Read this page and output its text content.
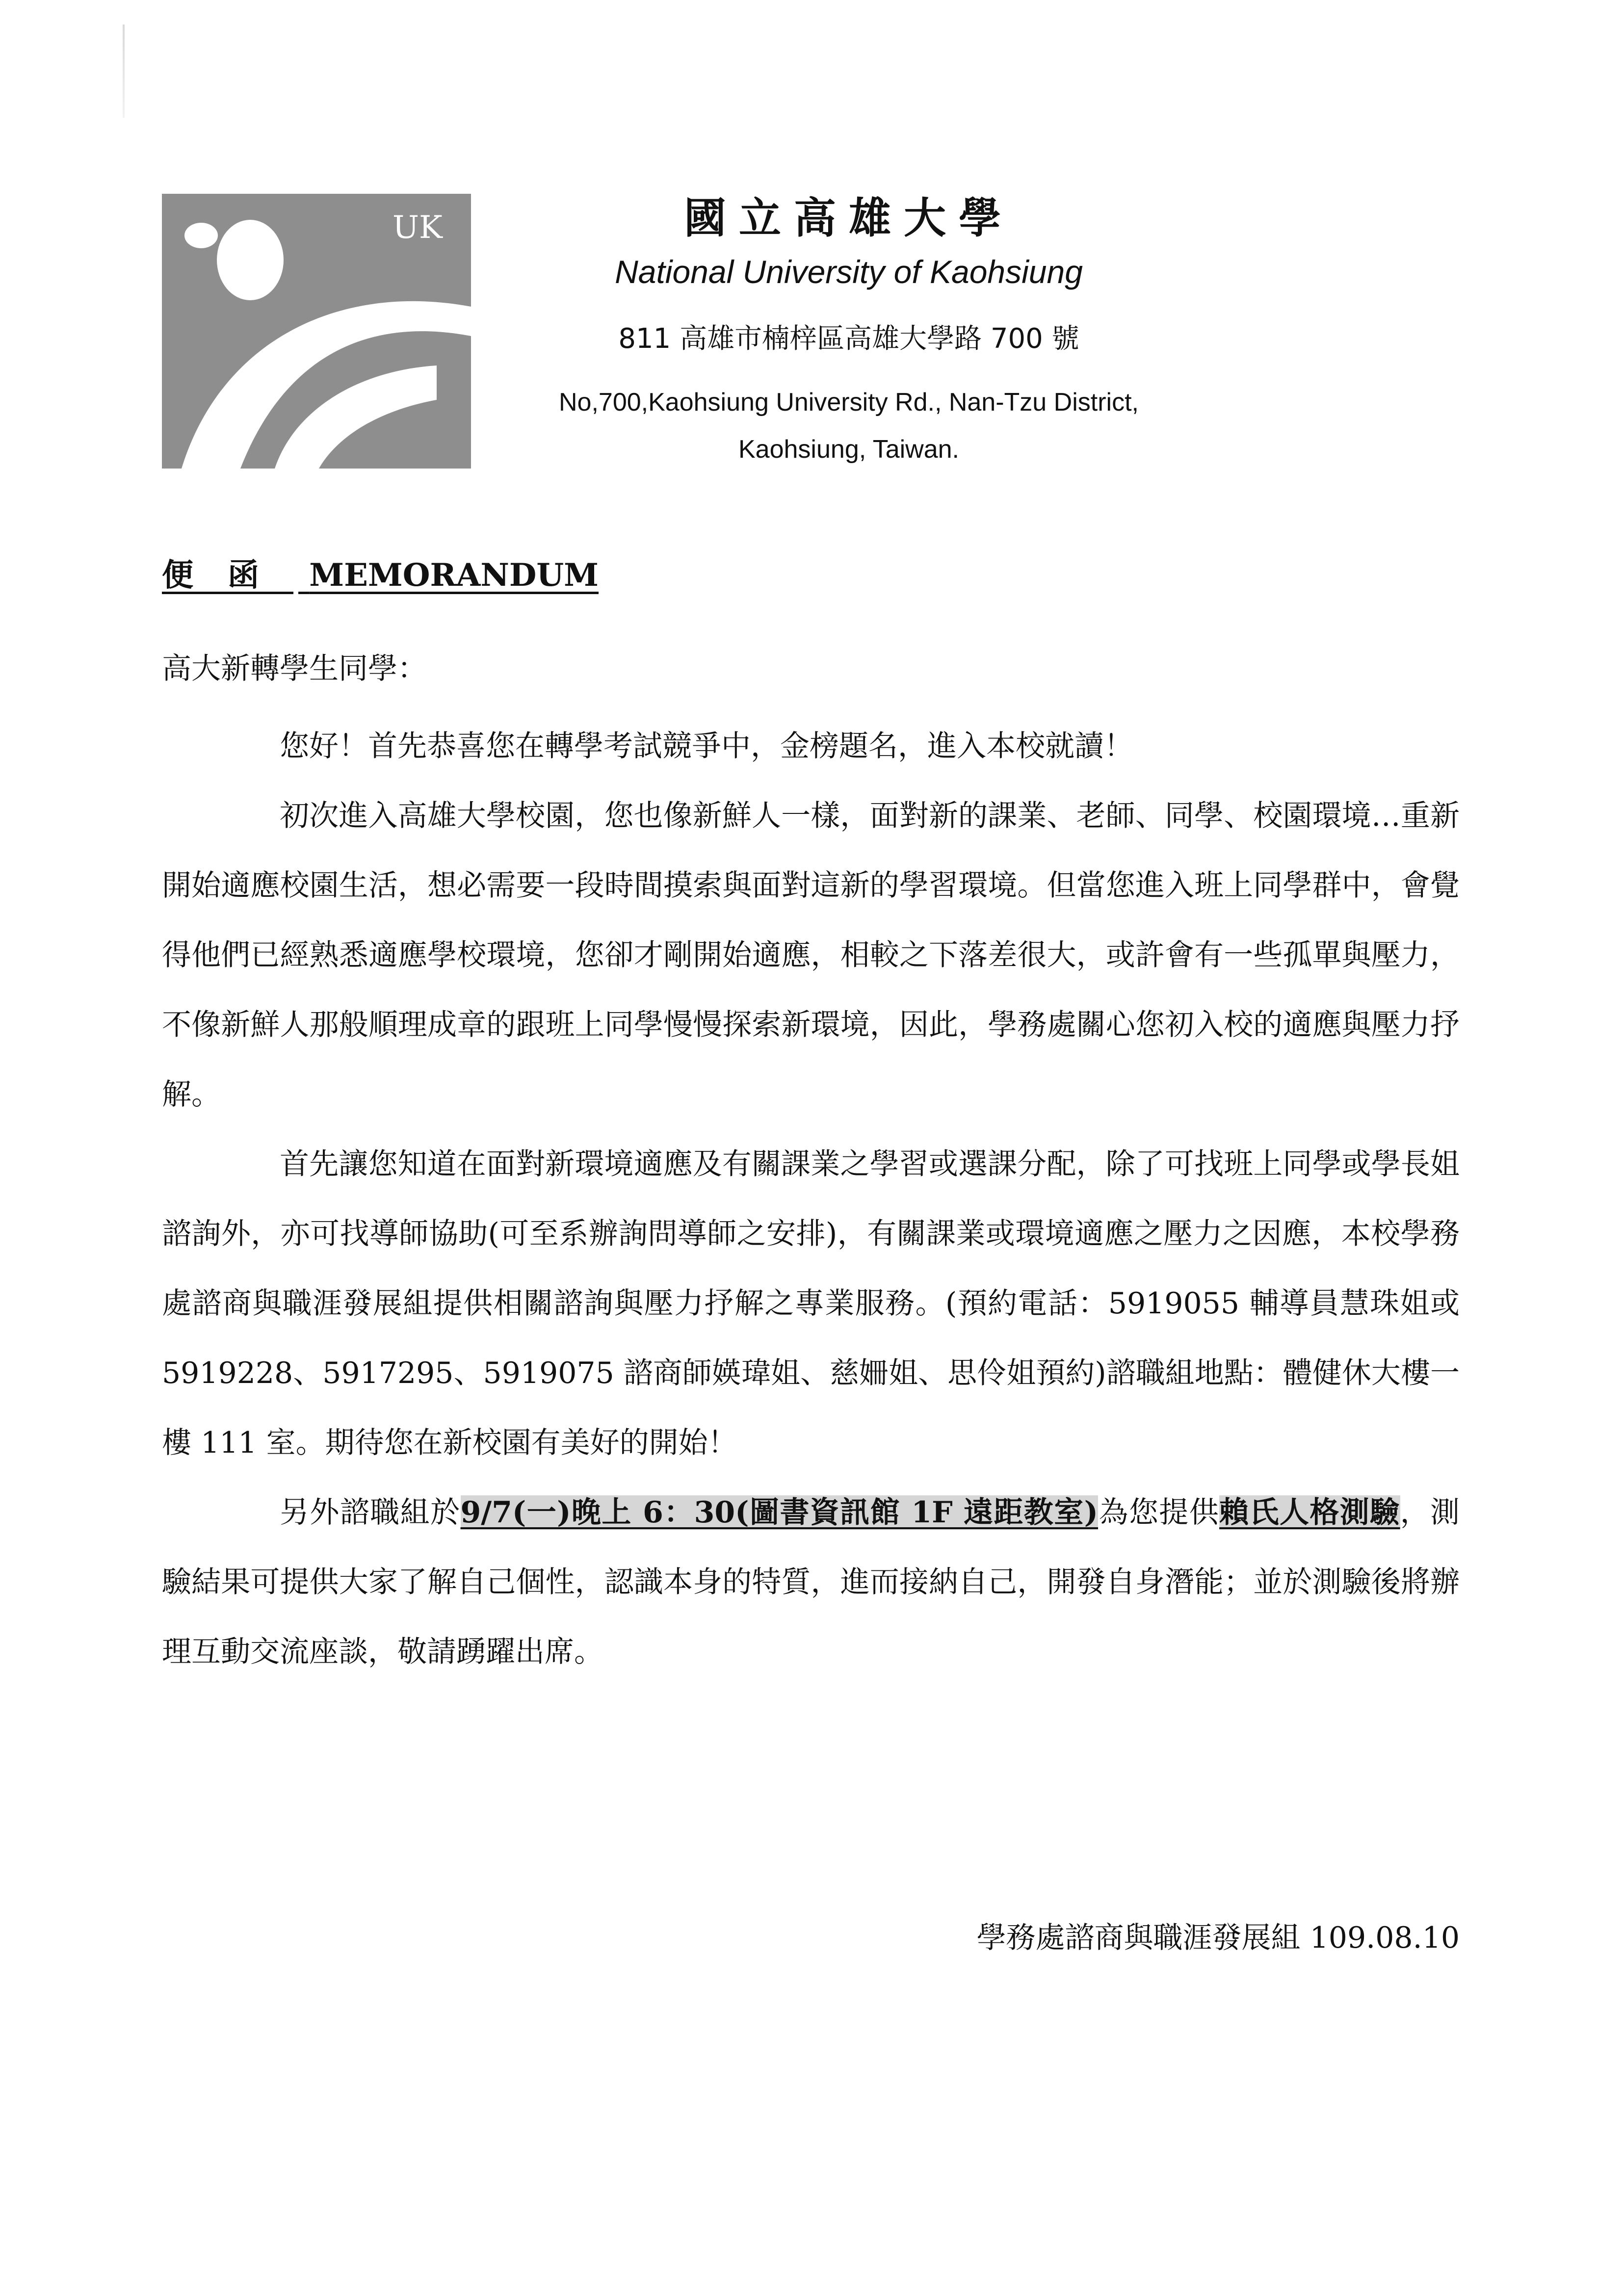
UK	國立高雄大學
National University of Kaohsiung
811 高雄市楠梓區高雄大學路 700 號
No,700,Kaohsiung University Rd., Nan-Tzu District,
Kaohsiung, Taiwan.
便函 MEMORANDUM
高大新轉學生同學：

您好！首先恭喜您在轉學考試競爭中，金榜題名，進入本校就讀！

初次進入高雄大學校園，您也像新鮮人一樣，面對新的課業、老師、同學、校園環境…重新開始適應校園生活，想必需要一段時間摸索與面對這新的學習環境。但當您進入班上同學群中，會覺得他們已經熟悉適應學校環境，您卻才剛開始適應，相較之下落差很大，或許會有一些孤單與壓力，不像新鮮人那般順理成章的跟班上同學慢慢探索新環境，因此，學務處關心您初入校的適應與壓力抒解。

首先讓您知道在面對新環境適應及有關課業之學習或選課分配，除了可找班上同學或學長姐諮詢外，亦可找導師協助(可至系辦詢問導師之安排)，有關課業或環境適應之壓力之因應，本校學務處諮商與職涯發展組提供相關諮詢與壓力抒解之專業服務。(預約電話：5919055 輔導員慧珠姐或 5919228、5917295、5919075 諮商師媖瑋姐、慈姍姐、思伶姐預約)諮職組地點：體健休大樓一樓 111 室。期待您在新校園有美好的開始！

另外諮職組於9/7(一)晚上 6：30(圖書資訊館 1F 遠距教室)為您提供賴氏人格測驗，測驗結果可提供大家了解自己個性，認識本身的特質，進而接納自己，開發自身潛能；並於測驗後將辦理互動交流座談，敬請踴躍出席。

學務處諮商與職涯發展組 109.08.10
